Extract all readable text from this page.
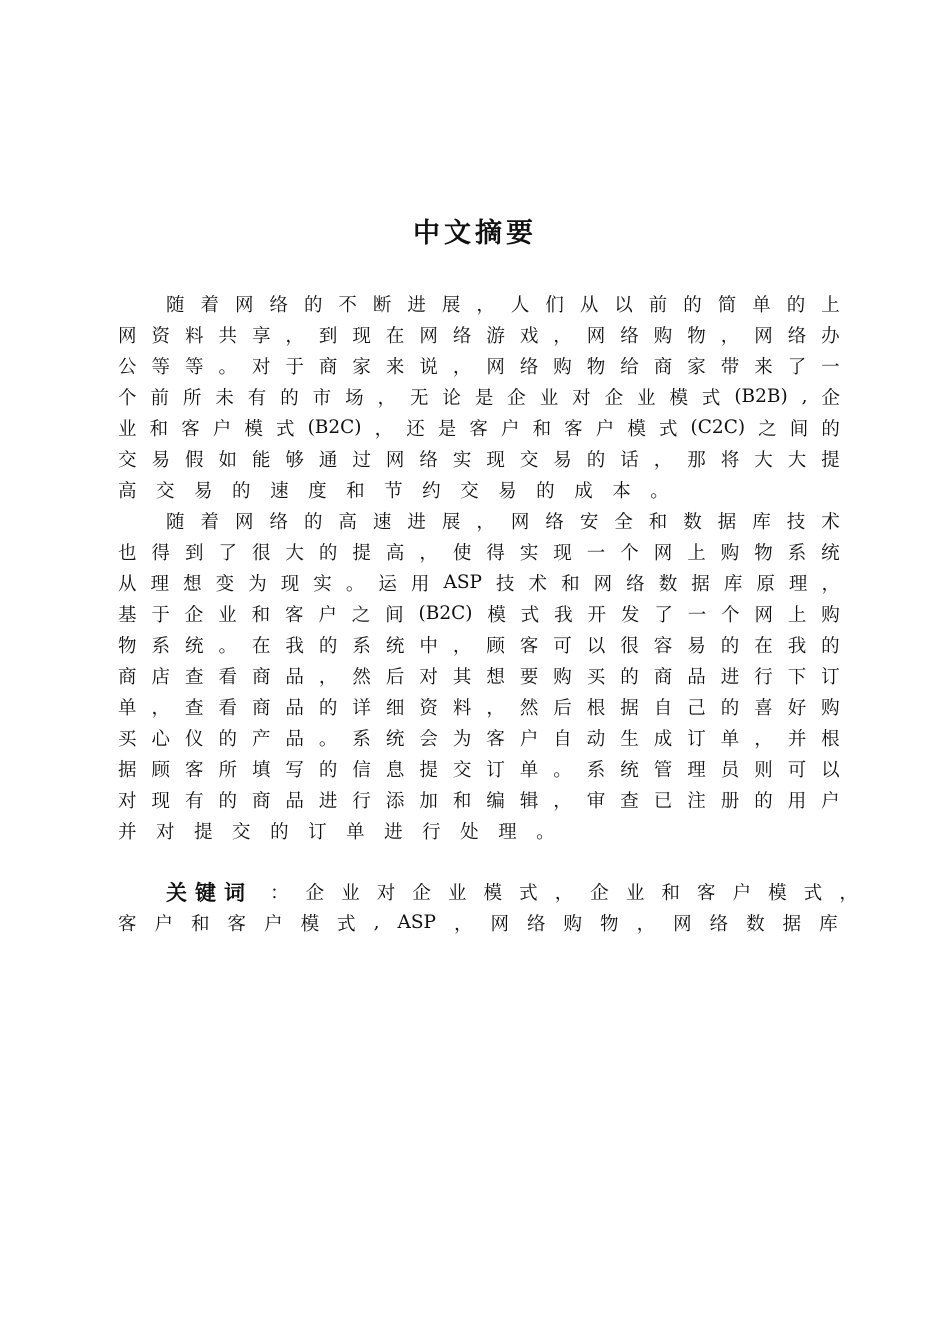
中文摘要
随 着 网 络 的 不 断 进 展 ， 人 们 从 以 前 的 简 单 的 上
网 资 料 共 享 ， 到 现 在 网 络 游 戏 ， 网 络 购 物 ， 网 络 办
公 等 等 。 对 于 商 家 来 说 ， 网 络 购 物 给 商 家 带 来 了 一
个 前 所 未 有 的 市 场 ， 无 论 是 企 业 对 企 业 模 式 (B2B) , 企
业 和 客 户 模 式 (B2C) ， 还 是 客 户 和 客 户 模 式 (C2C) 之 间 的
交 易 假 如 能 够 通 过 网 络 实 现 交 易 的 话 ， 那 将 大 大 提
高 交 易 的 速 度 和 节 约 交 易 的 成 本 。
随 着 网 络 的 高 速 进 展 ， 网 络 安 全 和 数 据 库 技 术
也 得 到 了 很 大 的 提 高 ， 使 得 实 现 一 个 网 上 购 物 系 统
从 理 想 变 为 现 实 。 运 用 ASP 技 术 和 网 络 数 据 库 原 理 ，
基 于 企 业 和 客 户 之 间 (B2C) 模 式 我 开 发 了 一 个 网 上 购
物 系 统 。 在 我 的 系 统 中 ， 顾 客 可 以 很 容 易 的 在 我 的
商 店 查 看 商 品 ， 然 后 对 其 想 要 购 买 的 商 品 进 行 下 订
单 ， 查 看 商 品 的 详 细 资 料 ， 然 后 根 据 自 己 的 喜 好 购
买 心 仪 的 产 品 。 系 统 会 为 客 户 自 动 生 成 订 单 ， 并 根
据 顾 客 所 填 写 的 信 息 提 交 订 单 。 系 统 管 理 员 则 可 以
对 现 有 的 商 品 进 行 添 加 和 编 辑 ， 审 查 已 注 册 的 用 户
并 对 提 交 的 订 单 进 行 处 理 。
关键词 ： 企 业 对 企 业 模 式 ， 企 业 和 客 户 模 式 ，
客 户 和 客 户 模 式 , ASP ， 网 络 购 物 ， 网 络 数 据 库
